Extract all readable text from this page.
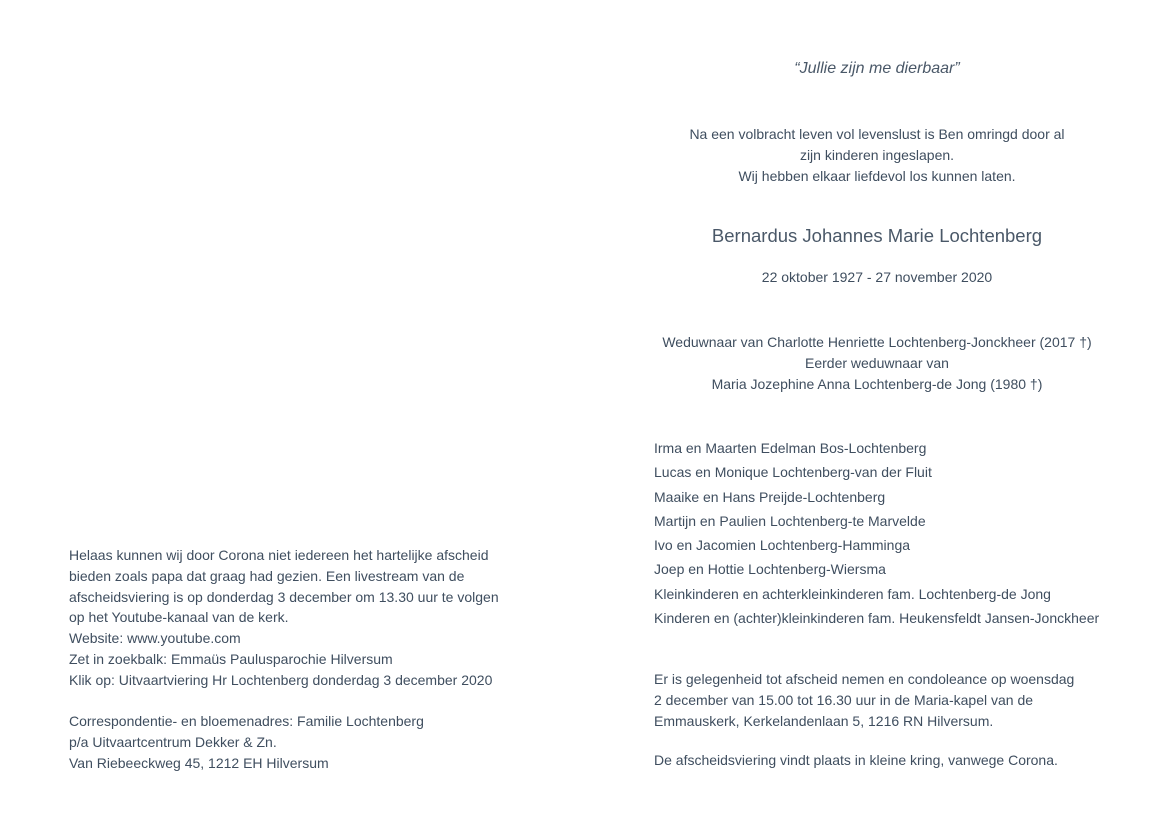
Helaas kunnen wij door Corona niet iedereen het hartelijke afscheid
bieden zoals papa dat graag had gezien. Een livestream van de
afscheidsviering is op donderdag 3 december om 13.30 uur te volgen
op het Youtube-kanaal van de kerk.
Website: www.youtube.com
Zet in zoekbalk: Emmaüs Paulusparochie Hilversum
Klik op: Uitvaartviering Hr Lochtenberg donderdag 3 december 2020
Correspondentie- en bloemenadres: Familie Lochtenberg
p/a Uitvaartcentrum Dekker & Zn.
Van Riebeeckweg 45, 1212 EH Hilversum
“Jullie zijn me dierbaar”
Na een volbracht leven vol levenslust is Ben omringd door al
zijn kinderen ingeslapen.
Wij hebben elkaar liefdevol los kunnen laten.
Bernardus Johannes Marie Lochtenberg
22 oktober 1927 - 27 november 2020
Weduwnaar van Charlotte Henriette Lochtenberg-Jonckheer (2017 †)
Eerder weduwnaar van
Maria Jozephine Anna Lochtenberg-de Jong (1980 †)
Irma en Maarten Edelman Bos-Lochtenberg
Lucas en Monique Lochtenberg-van der Fluit
Maaike en Hans Preijde-Lochtenberg
Martijn en Paulien Lochtenberg-te Marvelde
Ivo en Jacomien Lochtenberg-Hamminga
Joep en Hottie Lochtenberg-Wiersma
Kleinkinderen en achterkleinkinderen fam. Lochtenberg-de Jong
Kinderen en (achter)kleinkinderen fam. Heukensfeldt Jansen-Jonckheer
Er is gelegenheid tot afscheid nemen en condoleance op woensdag
2 december van 15.00 tot 16.30 uur in de Maria-kapel van de
Emmauskerk, Kerkelandenlaan 5, 1216 RN Hilversum.
De afscheidsviering vindt plaats in kleine kring, vanwege Corona.
